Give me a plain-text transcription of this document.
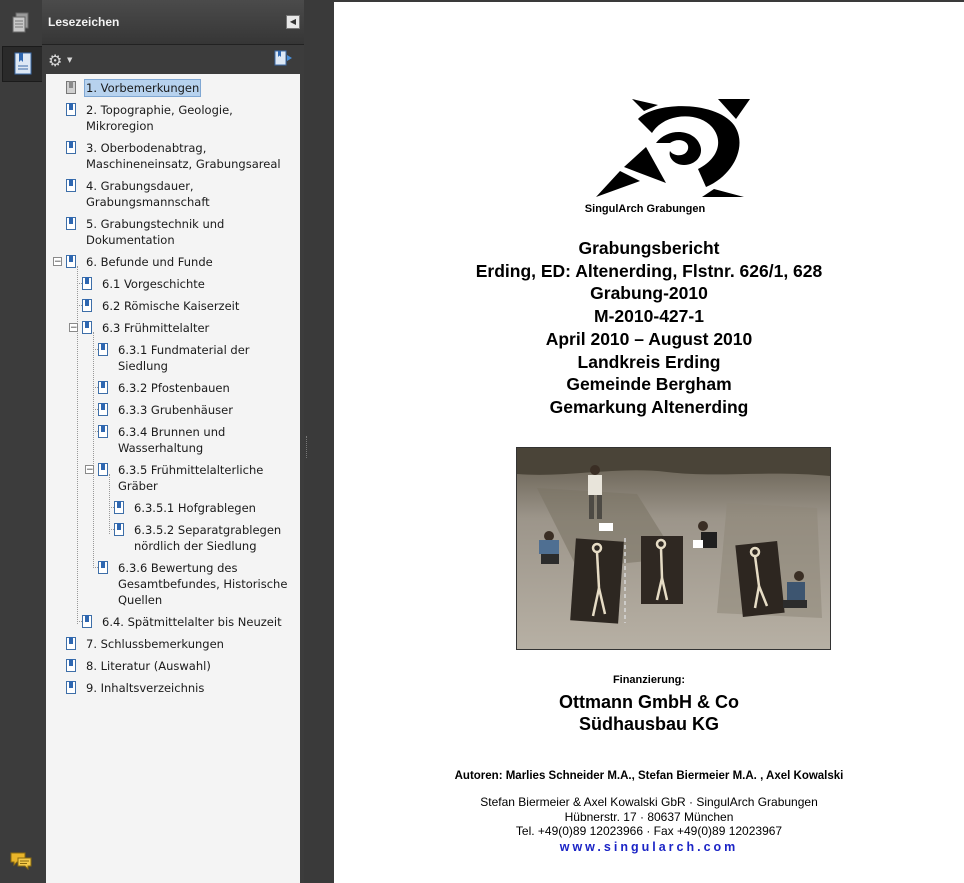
Lesezeichen	◀
⚙ ▼
−
−
−
1. Vorbemerkungen
2. Topographie, Geologie,
Mikroregion
3. Oberbodenabtrag,
Maschineneinsatz, Grabungsareal
4. Grabungsdauer,
Grabungsmannschaft
5. Grabungstechnik und
Dokumentation
6. Befunde und Funde
6.1 Vorgeschichte
6.2 Römische Kaiserzeit
6.3 Frühmittelalter
6.3.1 Fundmaterial der
Siedlung
6.3.2 Pfostenbauen
6.3.3 Grubenhäuser
6.3.4 Brunnen und
Wasserhaltung
6.3.5 Frühmittelalterliche
Gräber
6.3.5.1 Hofgrablegen
6.3.5.2 Separatgrablegen
nördlich der Siedlung
6.3.6 Bewertung des
Gesamtbefundes, Historische
Quellen
6.4. Spätmittelalter bis Neuzeit
7. Schlussbemerkungen
8. Literatur (Auswahl)
9. Inhaltsverzeichnis
SingulArch Grabungen
Grabungsbericht
Erding, ED: Altenerding, Flstnr. 626/1, 628
Grabung-2010
M-2010-427-1
April 2010 – August 2010
Landkreis Erding
Gemeinde Bergham
Gemarkung Altenerding
Finanzierung:
Ottmann GmbH & Co
Südhausbau KG
Autoren: Marlies Schneider M.A., Stefan Biermeier M.A. , Axel Kowalski
Stefan Biermeier & Axel Kowalski GbR · SingulArch Grabungen
Hübnerstr. 17 · 80637 München
Tel. +49(0)89 12023966 · Fax +49(0)89 12023967
www.singularch.com
